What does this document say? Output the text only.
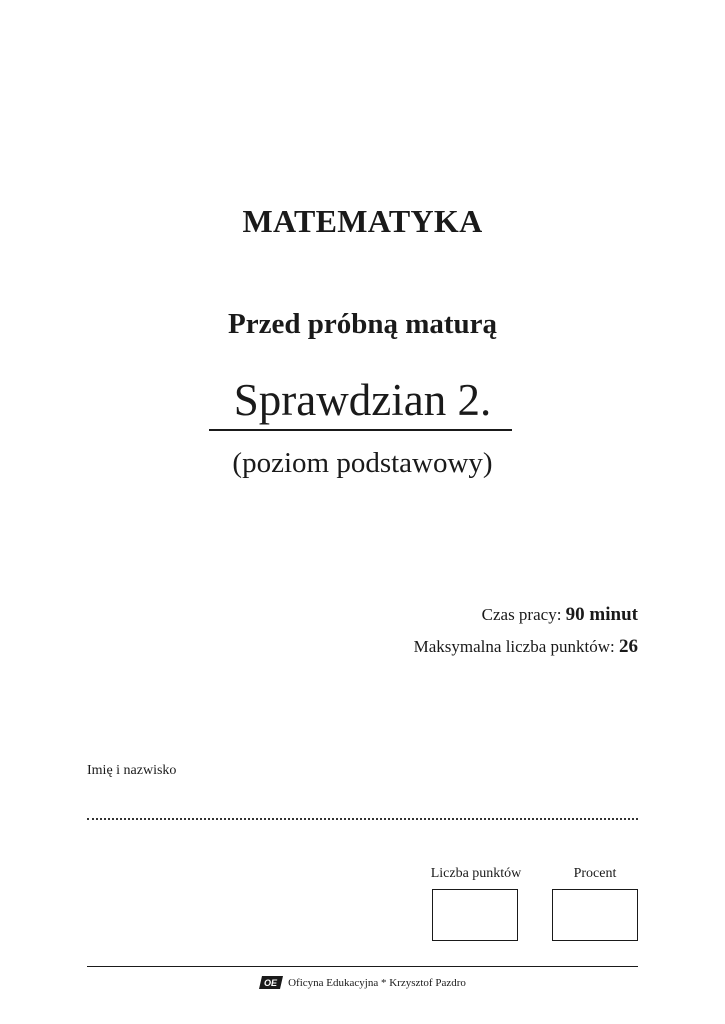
MATEMATYKA
Przed próbną maturą
Sprawdzian 2.
(poziom podstawowy)
Czas pracy: 90 minut
Maksymalna liczba punktów: 26
Imię i nazwisko
Liczba punktów	Procent
OE Oficyna Edukacyjna * Krzysztof Pazdro
